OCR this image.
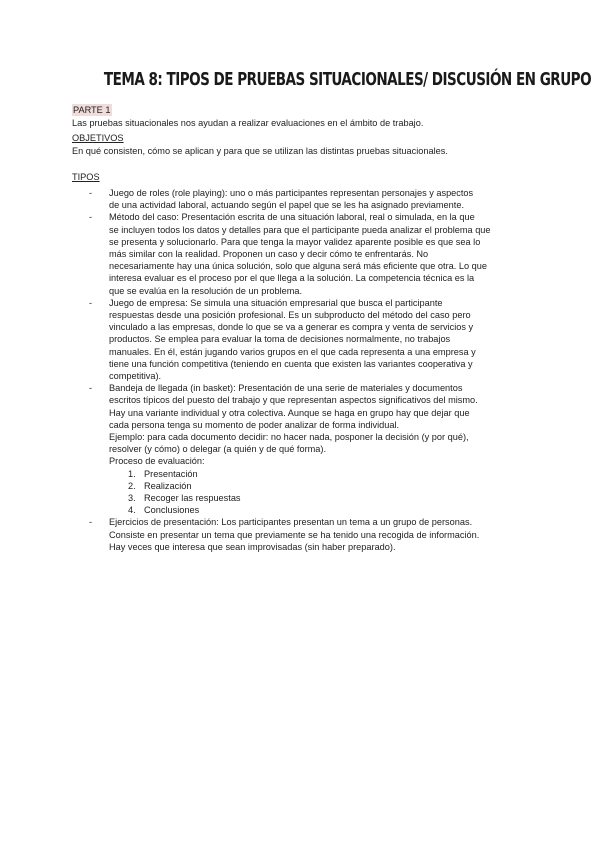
TEMA 8: TIPOS DE PRUEBAS SITUACIONALES/ DISCUSIÓN EN GRUPO
PARTE 1
Las pruebas situacionales nos ayudan a realizar evaluaciones en el ámbito de trabajo.
OBJETIVOS
En qué consisten, cómo se aplican y para que se utilizan las distintas pruebas situacionales.
TIPOS
- Juego de roles (role playing): uno o más participantes representan personajes y aspectos
de una actividad laboral, actuando según el papel que se les ha asignado previamente.
- Método del caso: Presentación escrita de una situación laboral, real o simulada, en la que
se incluyen todos los datos y detalles para que el participante pueda analizar el problema que
se presenta y solucionarlo. Para que tenga la mayor validez aparente posible es que sea lo
más similar con la realidad. Proponen un caso y decir cómo te enfrentarás. No
necesariamente hay una única solución, solo que alguna será más eficiente que otra. Lo que
interesa evaluar es el proceso por el que llega a la solución. La competencia técnica es la
que se evalúa en la resolución de un problema.
- Juego de empresa: Se simula una situación empresarial que busca el participante
respuestas desde una posición profesional. Es un subproducto del método del caso pero
vinculado a las empresas, donde lo que se va a generar es compra y venta de servicios y
productos. Se emplea para evaluar la toma de decisiones normalmente, no trabajos
manuales. En él, están jugando varios grupos en el que cada representa a una empresa y
tiene una función competitiva (teniendo en cuenta que existen las variantes cooperativa y
competitiva).
- Bandeja de llegada (in basket): Presentación de una serie de materiales y documentos
escritos típicos del puesto del trabajo y que representan aspectos significativos del mismo.
Hay una variante individual y otra colectiva. Aunque se haga en grupo hay que dejar que
cada persona tenga su momento de poder analizar de forma individual.
Ejemplo: para cada documento decidir: no hacer nada, posponer la decisión (y por qué),
resolver (y cómo) o delegar (a quién y de qué forma).
Proceso de evaluación:
1. Presentación
2. Realización
3. Recoger las respuestas
4. Conclusiones
- Ejercicios de presentación: Los participantes presentan un tema a un grupo de personas.
Consiste en presentar un tema que previamente se ha tenido una recogida de información.
Hay veces que interesa que sean improvisadas (sin haber preparado).
